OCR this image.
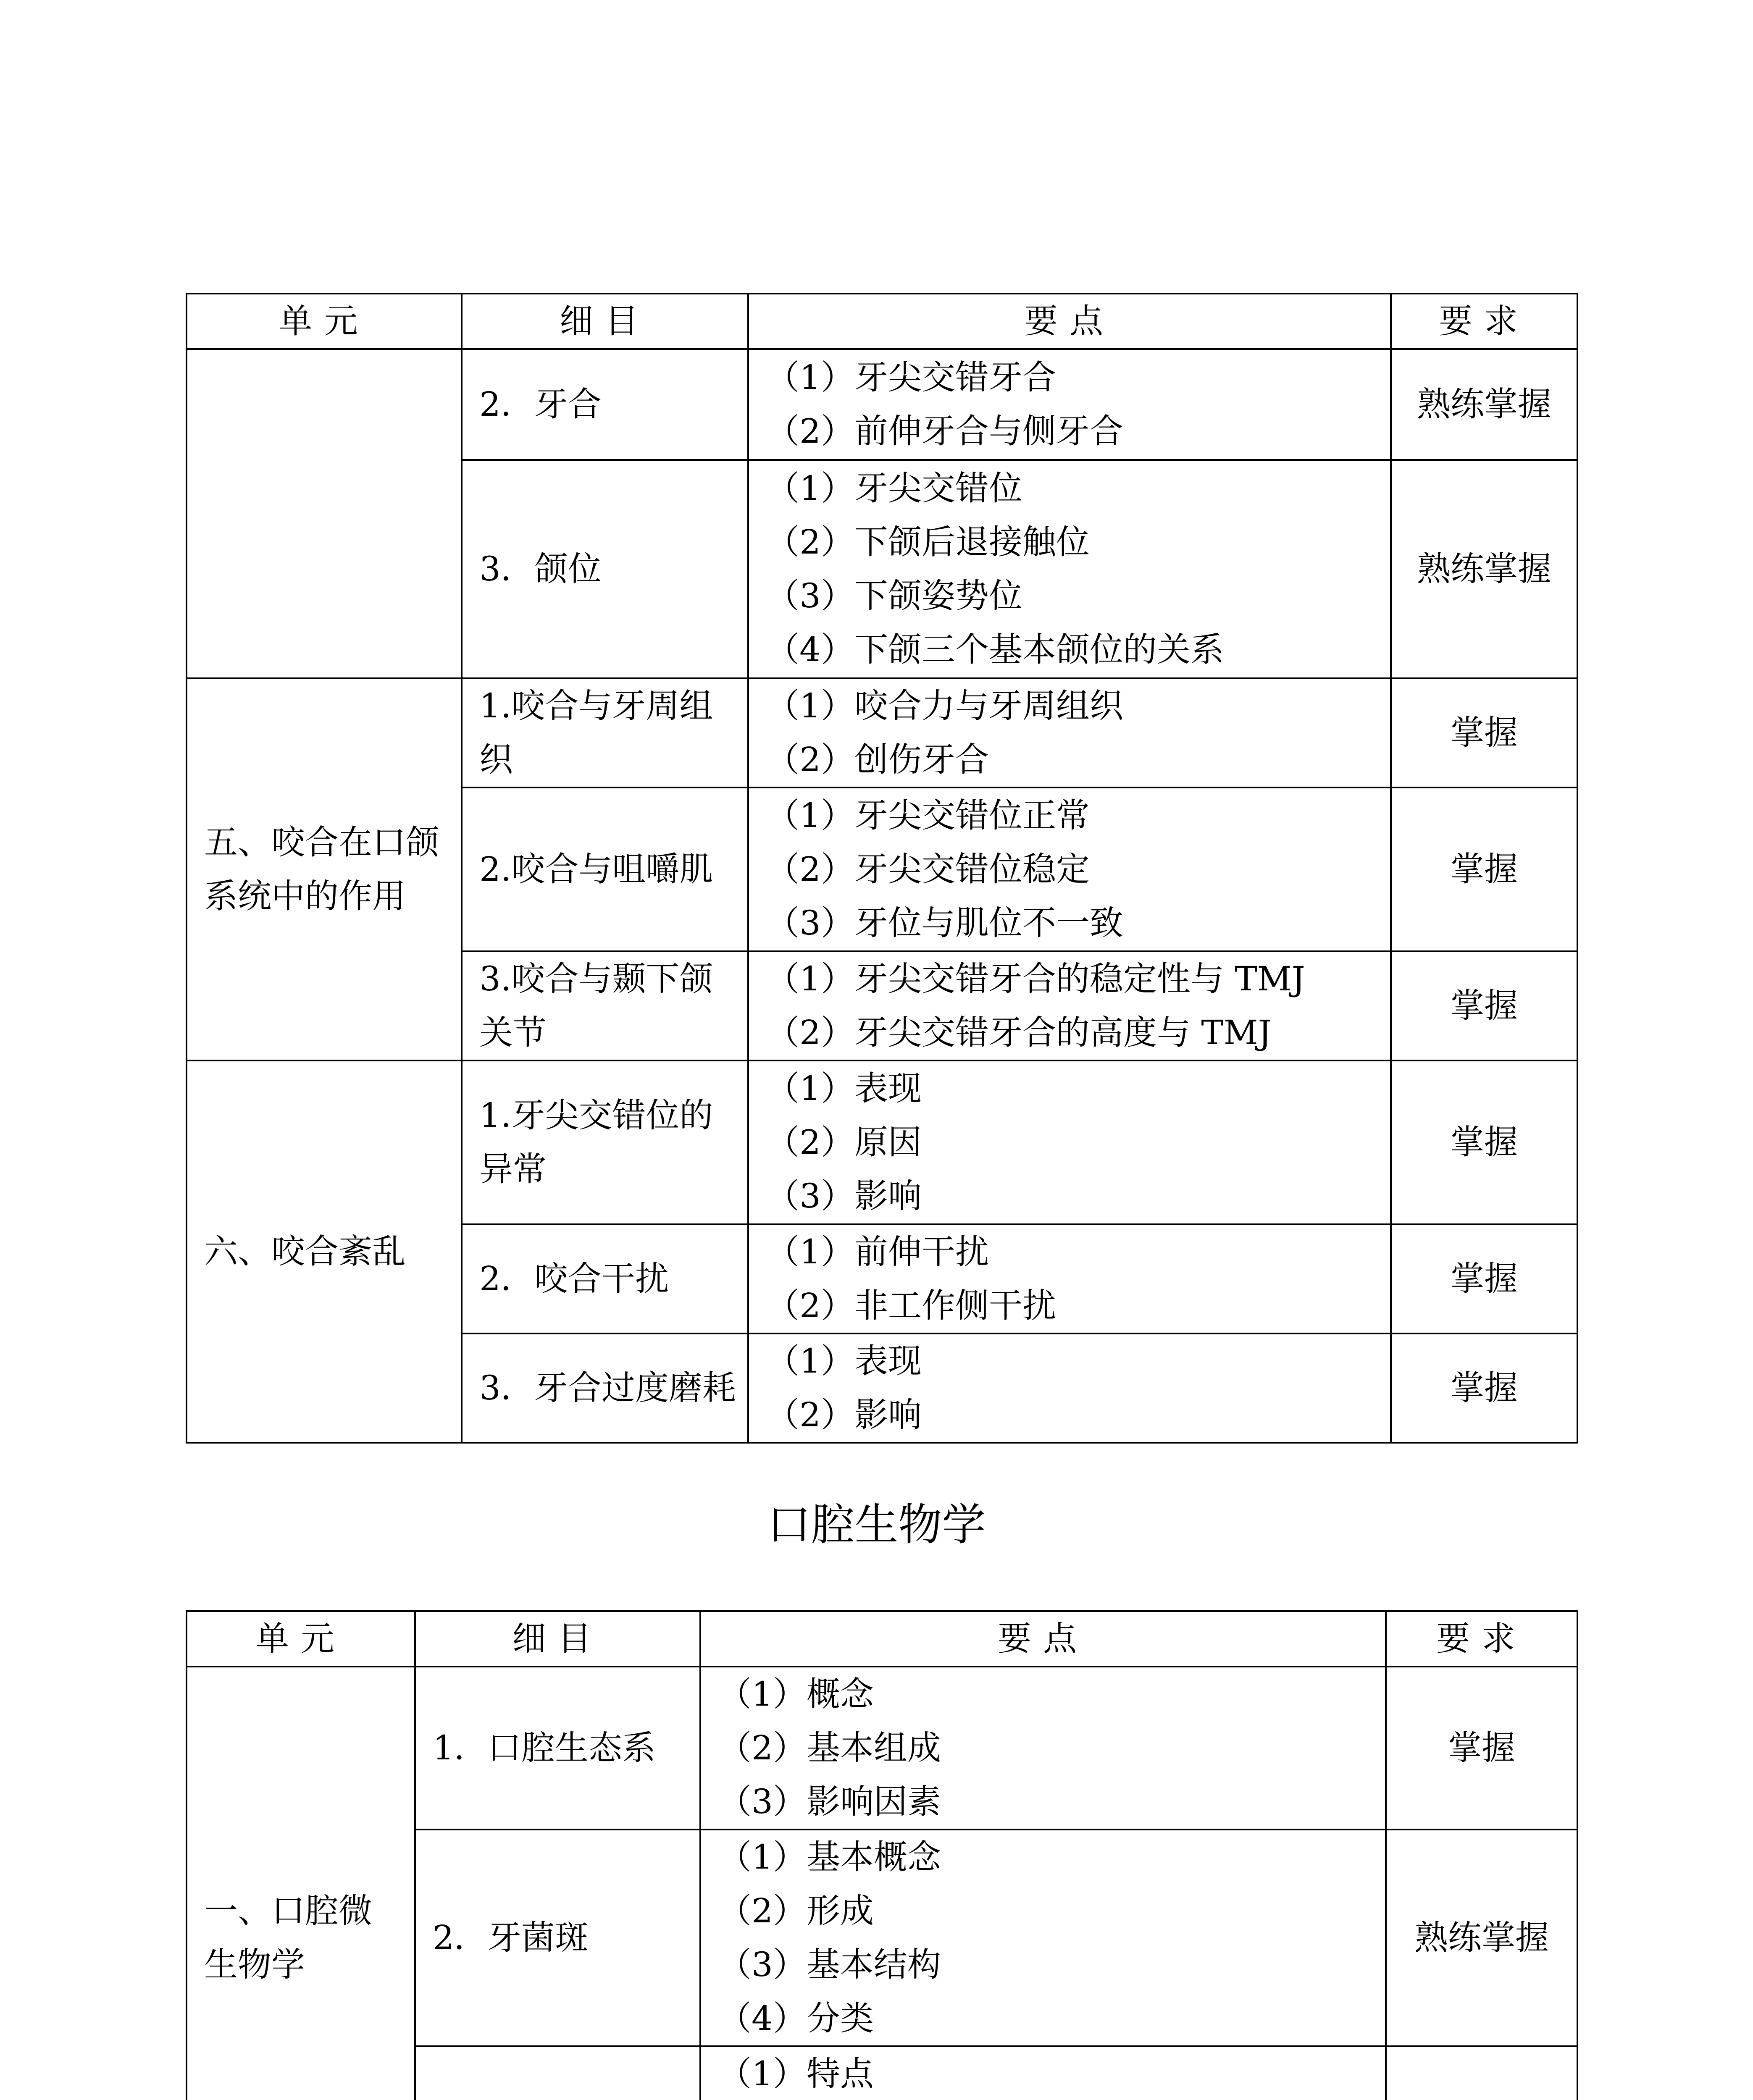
单元	细目	要点	要求
	2．牙合	（1）牙尖交错牙合
（2）前伸牙合与侧牙合	熟练掌握
	3．颌位	（1）牙尖交错位
（2）下颌后退接触位
（3）下颌姿势位
（4）下颌三个基本颌位的关系	熟练掌握
五、咬合在口颌系统中的作用	1.咬合与牙周组织	（1）咬合力与牙周组织
（2）创伤牙合	掌握
	2.咬合与咀嚼肌	（1）牙尖交错位正常
（2）牙尖交错位稳定
（3）牙位与肌位不一致	掌握
	3.咬合与颞下颌关节	（1）牙尖交错牙合的稳定性与 TMJ
（2）牙尖交错牙合的高度与 TMJ	掌握
六、咬合紊乱	1.牙尖交错位的异常	（1）表现
（2）原因
（3）影响	掌握
	2．咬合干扰	（1）前伸干扰
（2）非工作侧干扰	掌握
	3．牙合过度磨耗	（1）表现
（2）影响	掌握
口腔生物学
单元	细目	要点	要求
一、口腔微生物学	1．口腔生态系	（1）概念
（2）基本组成
（3）影响因素	掌握
	2．牙菌斑	（1）基本概念
（2）形成
（3）基本结构
（4）分类	熟练掌握

（1）特点
